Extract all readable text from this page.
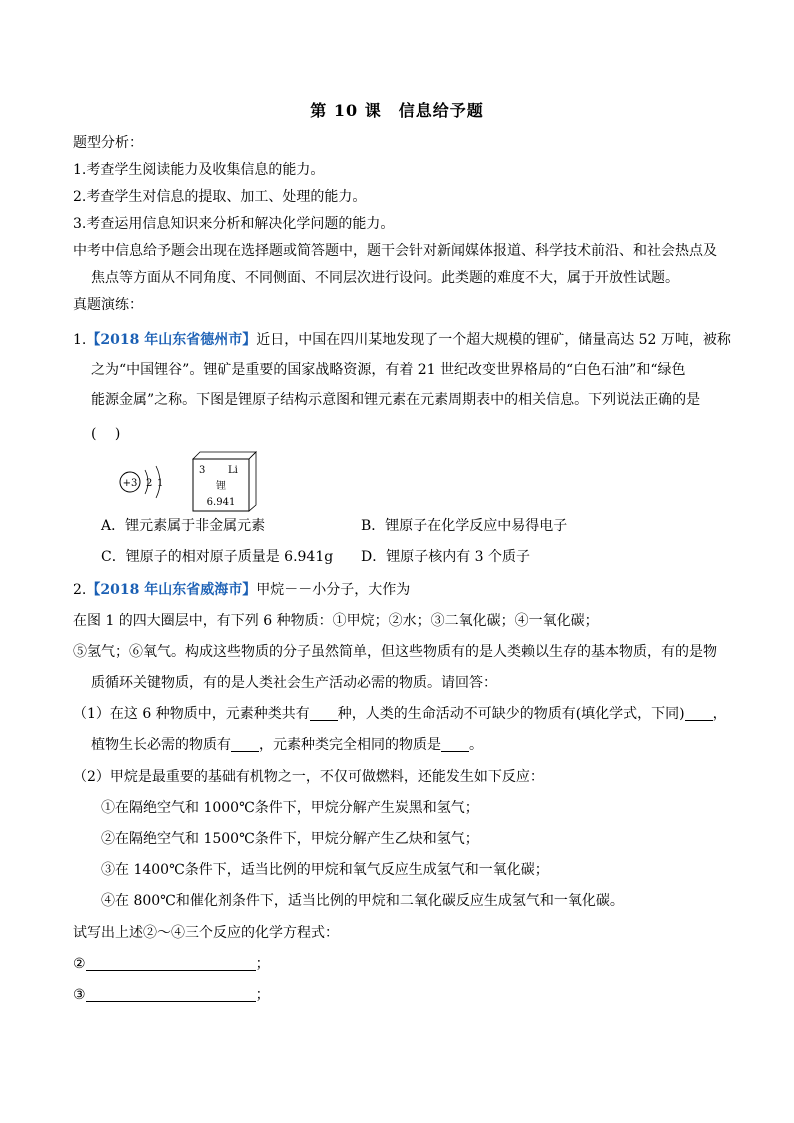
第 10 课　信息给予题
题型分析：
1.考查学生阅读能力及收集信息的能力。
2.考查学生对信息的提取、加工、处理的能力。
3.考查运用信息知识来分析和解决化学问题的能力。
中考中信息给予题会出现在选择题或简答题中，题干会针对新闻媒体报道、科学技术前沿、和社会热点及
焦点等方面从不同角度、不同侧面、不同层次进行设问。此类题的难度不大，属于开放性试题。
真题演练：
1.【2018 年山东省德州市】近日，中国在四川某地发现了一个超大规模的锂矿，储量高达 52 万吨，被称
之为“中国锂谷”。锂矿是重要的国家战略资源，有着 21 世纪改变世界格局的“白色石油”和“绿色
能源金属”之称。下图是锂原子结构示意图和锂元素在元素周期表中的相关信息。下列说法正确的是
(　 )
+3 2 1
3 Li
锂
6.941
A．锂元素属于非金属元素	B．锂原子在化学反应中易得电子
C．锂原子的相对原子质量是 6.941g D．锂原子核内有 3 个质子
2.【2018 年山东省威海市】甲烷－－小分子，大作为
在图 1 的四大圈层中，有下列 6 种物质：①甲烷；②水；③二氧化碳；④一氧化碳；
⑤氢气；⑥氧气。构成这些物质的分子虽然简单，但这些物质有的是人类赖以生存的基本物质，有的是物
质循环关键物质，有的是人类社会生产活动必需的物质。请回答：
（1）在这 6 种物质中，元素种类共有 种，人类的生命活动不可缺少的物质有(填化学式，下同) ，
植物生长必需的物质有 ，元素种类完全相同的物质是 。
（2）甲烷是最重要的基础有机物之一，不仅可做燃料，还能发生如下反应：
①在隔绝空气和 1000℃条件下，甲烷分解产生炭黑和氢气；
②在隔绝空气和 1500℃条件下，甲烷分解产生乙炔和氢气；
③在 1400℃条件下，适当比例的甲烷和氧气反应生成氢气和一氧化碳；
④在 800℃和催化剂条件下，适当比例的甲烷和二氧化碳反应生成氢气和一氧化碳。
试写出上述②～④三个反应的化学方程式：
②	；
③	；
